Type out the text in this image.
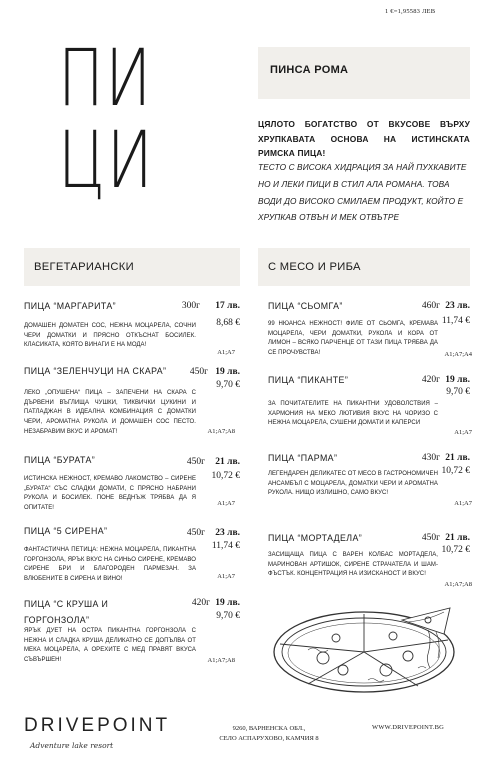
1 €=1,95583 ЛЕВ
ПИ
ЦИ
ПИНСА РОМА
ЦЯЛОТО БОГАТСТВО ОТ ВКУСОВЕ ВЪРХУ ХРУПКАВАТА ОСНОВА НА ИСТИНСКАТА РИМСКА ПИЦА!
ТЕСТО С ВИСОКА ХИДРАЦИЯ ЗА НАЙ ПУХКАВИТЕ НО И ЛЕКИ ПИЦИ В СТИЛ АЛА РОМАНА. ТОВА ВОДИ ДО ВИСОКО СМИЛАЕМ ПРОДУКТ, КОЙТО Е ХРУПКАВ ОТВЪН И МЕК ОТВЪТРЕ
ВЕГЕТАРИАНСКИ	С МЕСО И РИБА
ПИЦА “МАРГАРИТА”	300г	17 лв.
8,68 €
ДОМАШЕН ДОМАТЕН СОС, НЕЖНА МОЦАРЕЛА, СОЧНИ ЧЕРИ ДОМАТКИ И ПРЯСНО ОТКЪСНАТ БОСИЛЕК. КЛАСИКАТА, КОЯТО ВИНАГИ Е НА МОДА!
A1;A7
ПИЦА “ЗЕЛЕНЧУЦИ НА СКАРА”	450г 19 лв.
9,70 €
ЛЕКО „ОПУШЕНА“ ПИЦА – ЗАПЕЧЕНИ НА СКАРА С ДЪРВЕНИ ВЪГЛИЩА ЧУШКИ, ТИКВИЧКИ ЦУКИНИ И ПАТЛАДЖАН В ИДЕАЛНА КОМБИНАЦИЯ С ДОМАТКИ ЧЕРИ, АРОМАТНА РУКОЛА И ДОМАШЕН СОС ПЕСТО. НЕЗАБРАВИМ ВКУС И АРОМАТ!	A1;A7;A8
ПИЦА “БУРАТА”	450г	21 лв.
10,72 €
ИСТИНСКА НЕЖНОСТ, КРЕМАВО ЛАКОМСТВО – СИРЕНЕ „БУРАТА“ СЪС СЛАДКИ ДОМАТИ, С ПРЯСНО НАБРАНИ РУКОЛА И БОСИЛЕК. ПОНЕ ВЕДНЪЖ ТРЯБВА ДА Я ОПИТАТЕ!
A1;A7
ПИЦА “5 СИРЕНА”	450г	23 лв.
11,74 €
ФАНТАСТИЧНА ПЕТИЦА: НЕЖНА МОЦАРЕЛА, ПИКАНТНА ГОРГОНЗОЛА, ЯРЪК ВКУС НА СИНЬО СИРЕНЕ, КРЕМАВО СИРЕНЕ БРИ И БЛАГОРОДЕН ПАРМЕЗАН. ЗА ВЛЮБЕНИТЕ В СИРЕНА И ВИНО!	A1;A7
ПИЦА “С КРУША И ГОРГОНЗОЛА”
420г 19 лв.
9,70 €
ЯРЪК ДУЕТ НА ОСТРА ПИКАНТНА ГОРГОНЗОЛА С НЕЖНА И СЛАДКА КРУША ДЕЛИКАТНО СЕ ДОПЪЛВА ОТ МЕКА МОЦАРЕЛА, А ОРЕХИТЕ С МЕД ПРАВЯТ ВКУСА СЪВЪРШЕН!	A1;A7;A8
ПИЦА “СЬОМГА”	460г 23 лв.
11,74 €
99 НЮАНСА НЕЖНОСТ! ФИЛЕ ОТ СЬОМГА, КРЕМАВА МОЦАРЕЛА, ЧЕРИ ДОМАТКИ, РУКОЛА И КОРА ОТ ЛИМОН – ВСЯКО ПАРЧЕНЦЕ ОТ ТАЗИ ПИЦА ТРЯБВА ДА СЕ ПРОЧУВСТВА!	A1;A7;A4
ПИЦА “ПИКАНТЕ”	420г 19 лв.
9,70 €
ЗА ПОЧИТАТЕЛИТЕ НА ПИКАНТНИ УДОВОЛСТВИЯ – ХАРМОНИЯ НА МЕКО ЛЮТИВИЯ ВКУС НА ЧОРИЗО С НЕЖНА МОЦАРЕЛА, СУШЕНИ ДОМАТИ И КАПЕРСИ
A1;A7
ПИЦА “ПАРМА”	430г 21 лв.
10,72 €
ЛЕГЕНДАРЕН ДЕЛИКАТЕС ОТ МЕСО В ГАСТРОНОМИЧЕН АНСАМБЪЛ С МОЦАРЕЛА, ДОМАТКИ ЧЕРИ И АРОМАТНА РУКОЛА. НИЩО ИЗЛИШНО, САМО ВКУС!
A1;A7
ПИЦА “МОРТАДЕЛА”	450г 21 лв.
10,72 €
ЗАСИЩАЩА ПИЦА С ВАРЕН КОЛБАС МОРТАДЕЛА, МАРИНОВАН АРТИШОК, СИРЕНЕ СТРАЧАТЕЛА И ШАМ-ФЪСТЪК. КОНЦЕНТРАЦИЯ НА ИЗИСКАНОСТ И ВКУС!
A1;A7;A8
DRIVEPOINT
Adventure lake resort
9260, ВАРНЕНСКА ОБЛ.,
СЕЛО АСПАРУХОВО, КАМЧИЯ 8
WWW.DRIVEPOINT.BG
